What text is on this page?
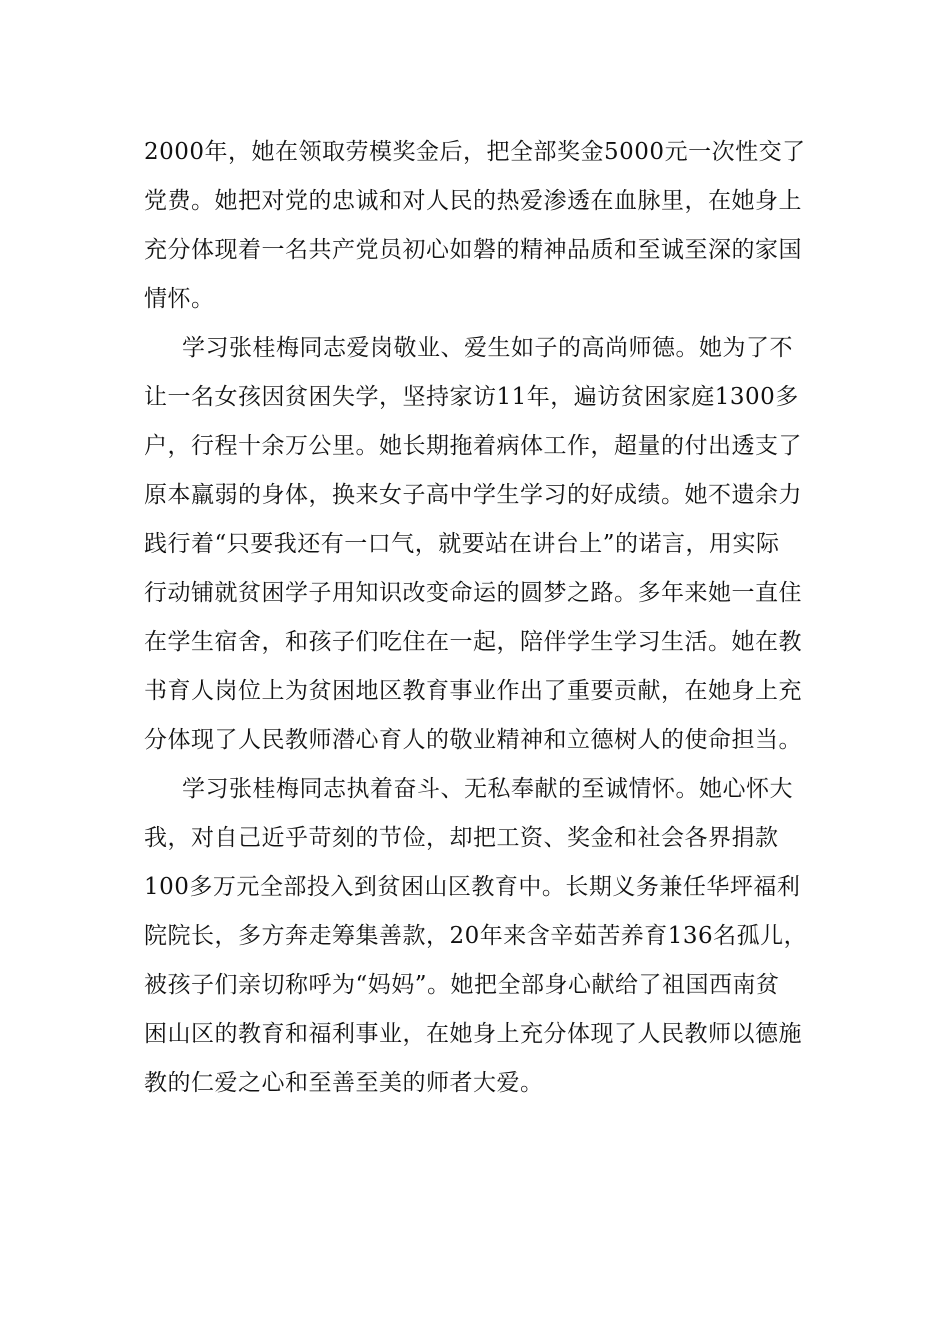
2000年，她在领取劳模奖金后，把全部奖金5000元一次性交了
党费。她把对党的忠诚和对人民的热爱渗透在血脉里，在她身上
充分体现着一名共产党员初心如磐的精神品质和至诚至深的家国
情怀。
学习张桂梅同志爱岗敬业、爱生如子的高尚师德。她为了不
让一名女孩因贫困失学，坚持家访11年，遍访贫困家庭1300多
户，行程十余万公里。她长期拖着病体工作，超量的付出透支了
原本羸弱的身体，换来女子高中学生学习的好成绩。她不遗余力
践行着“只要我还有一口气，就要站在讲台上”的诺言，用实际
行动铺就贫困学子用知识改变命运的圆梦之路。多年来她一直住
在学生宿舍，和孩子们吃住在一起，陪伴学生学习生活。她在教
书育人岗位上为贫困地区教育事业作出了重要贡献，在她身上充
分体现了人民教师潜心育人的敬业精神和立德树人的使命担当。
学习张桂梅同志执着奋斗、无私奉献的至诚情怀。她心怀大
我，对自己近乎苛刻的节俭，却把工资、奖金和社会各界捐款
100多万元全部投入到贫困山区教育中。长期义务兼任华坪福利
院院长，多方奔走筹集善款，20年来含辛茹苦养育136名孤儿，
被孩子们亲切称呼为“妈妈”。她把全部身心献给了祖国西南贫
困山区的教育和福利事业，在她身上充分体现了人民教师以德施
教的仁爱之心和至善至美的师者大爱。
